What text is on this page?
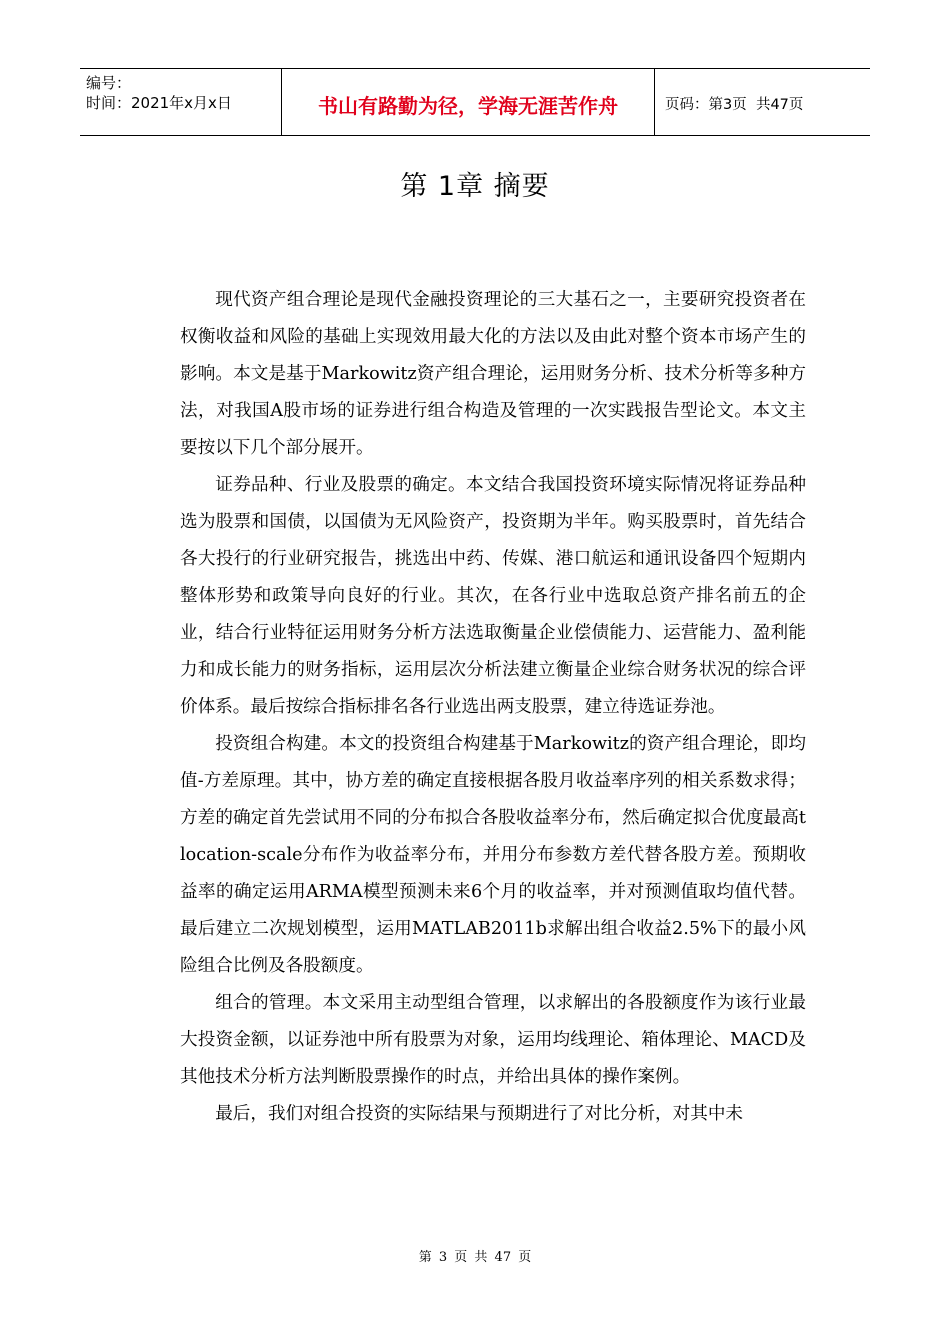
编号：
时间：2021年x月x日	书山有路勤为径，学海无涯苦作舟	页码：第3页  共47页
第 1章 摘要

现代资产组合理论是现代金融投资理论的三大基石之一，主要研究投资者在权衡收益和风险的基础上实现效用最大化的方法以及由此对整个资本市场产生的影响。本文是基于Markowitz资产组合理论，运用财务分析、技术分析等多种方法，对我国A股市场的证券进行组合构造及管理的一次实践报告型论文。本文主要按以下几个部分展开。

证券品种、行业及股票的确定。本文结合我国投资环境实际情况将证券品种选为股票和国债，以国债为无风险资产，投资期为半年。购买股票时，首先结合各大投行的行业研究报告，挑选出中药、传媒、港口航运和通讯设备四个短期内整体形势和政策导向良好的行业。其次，在各行业中选取总资产排名前五的企业，结合行业特征运用财务分析方法选取衡量企业偿债能力、运营能力、盈利能力和成长能力的财务指标，运用层次分析法建立衡量企业综合财务状况的综合评价体系。最后按综合指标排名各行业选出两支股票，建立待选证券池。

投资组合构建。本文的投资组合构建基于Markowitz的资产组合理论，即均值-方差原理。其中，协方差的确定直接根据各股月收益率序列的相关系数求得；方差的确定首先尝试用不同的分布拟合各股收益率分布，然后确定拟合优度最高t location-scale分布作为收益率分布，并用分布参数方差代替各股方差。预期收益率的确定运用ARMA模型预测未来6个月的收益率，并对预测值取均值代替。最后建立二次规划模型，运用MATLAB2011b求解出组合收益2.5%下的最小风险组合比例及各股额度。

组合的管理。本文采用主动型组合管理，以求解出的各股额度作为该行业最大投资金额，以证券池中所有股票为对象，运用均线理论、箱体理论、MACD及其他技术分析方法判断股票操作的时点，并给出具体的操作案例。

最后，我们对组合投资的实际结果与预期进行了对比分析，对其中未

第 3 页 共 47 页
